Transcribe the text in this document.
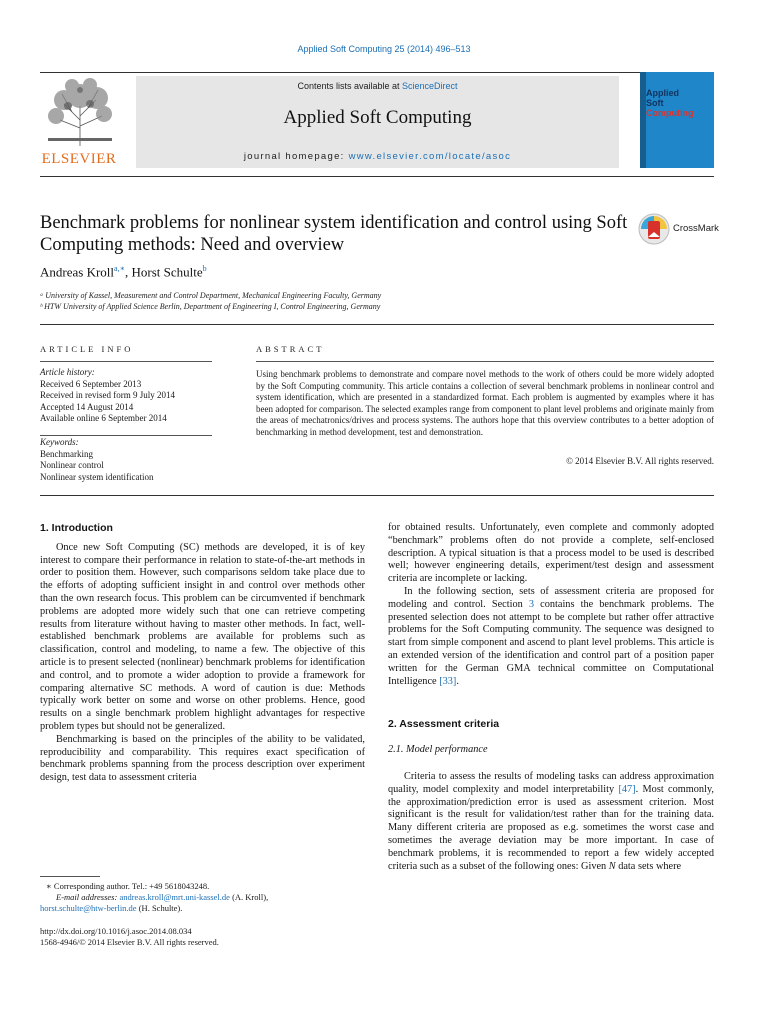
Applied Soft Computing 25 (2014) 496–513
ELSEVIER
Contents lists available at ScienceDirect
Applied Soft Computing
journal homepage: www.elsevier.com/locate/asoc
Applied
Soft
Computing
Benchmark problems for nonlinear system identification and control using Soft Computing methods: Need and overview
CrossMark
Andreas Kroll$^{a,∗}$, Horst Schulte$^b$
ᵃ University of Kassel, Measurement and Control Department, Mechanical Engineering Faculty, Germany
ᵇ HTW University of Applied Science Berlin, Department of Engineering I, Control Engineering, Germany
ARTICLE INFO
Article history:
Received 6 September 2013
Received in revised form 9 July 2014
Accepted 14 August 2014
Available online 6 September 2014
Keywords:
Benchmarking
Nonlinear control
Nonlinear system identification
ABSTRACT
Using benchmark problems to demonstrate and compare novel methods to the work of others could be more widely adopted by the Soft Computing community. This article contains a collection of several benchmark problems in nonlinear control and system identification, which are presented in a standardized format. Each problem is augmented by examples where it has been adopted for comparison. The selected examples range from component to plant level problems and originate mainly from the areas of mechatronics/drives and process systems. The authors hope that this overview contributes to a better adoption of benchmarking in method development, test and demonstration.
© 2014 Elsevier B.V. All rights reserved.
1. Introduction

Once new Soft Computing (SC) methods are developed, it is of key interest to compare their performance in relation to state-of-the-art methods in order to position them. However, such comparisons seldom take place due to the efforts of adopting sufficient insight in and control over methods other than the own research focus. This problem can be circumvented if benchmark problems are adopted more widely such that one can retrieve competing results from literature without having to master other methods. In fact, well-established benchmark problems are available for problems such as classification, control and modeling, to name a few. The objective of this article is to present selected (nonlinear) benchmark problems for identification and control, and to promote a wider adoption to provide a framework for comparing alternative SC methods. A word of caution is due: Methods typically work better on some and worse on other problems. Hence, good results on a single benchmark problem highlight advantages for respective problem types but should not be generalized.

Benchmarking is based on the principles of the ability to be validated, reproducibility and comparability. This requires exact specification of benchmark problems spanning from the process description over experiment design, test data to assessment criteria

for obtained results. Unfortunately, even complete and commonly adopted “benchmark” problems often do not provide a complete, self-enclosed description. A typical situation is that a process model to be used is described well; however engineering details, experiment/test design and assessment criteria are incomplete or lacking.

In the following section, sets of assessment criteria are proposed for modeling and control. Section 3 contains the benchmark problems. The presented selection does not attempt to be complete but rather offer attractive problems for the Soft Computing community. The sequence was designed to start from simple component and ascend to plant level problems. This article is an extended version of the identification and control part of a position paper written for the German GMA technical committee on Computational Intelligence [33].

2. Assessment criteria
2.1. Model performance

Criteria to assess the results of modeling tasks can address approximation quality, model complexity and model interpretability [47]. Most commonly, the approximation/prediction error is used as assessment criterion. Most significant is the result for validation/test rather than for the training data. Many different criteria are proposed as e.g. sometimes the worst case and sometimes the average deviation may be more important. In case of benchmark problems, it is recommended to report a few widely accepted criteria such as a subset of the following ones: Given N data sets where

∗ Corresponding author. Tel.: +49 5618043248.
E-mail addresses: andreas.kroll@mrt.uni-kassel.de (A. Kroll),
horst.schulte@htw-berlin.de (H. Schulte).
http://dx.doi.org/10.1016/j.asoc.2014.08.034
1568-4946/© 2014 Elsevier B.V. All rights reserved.
